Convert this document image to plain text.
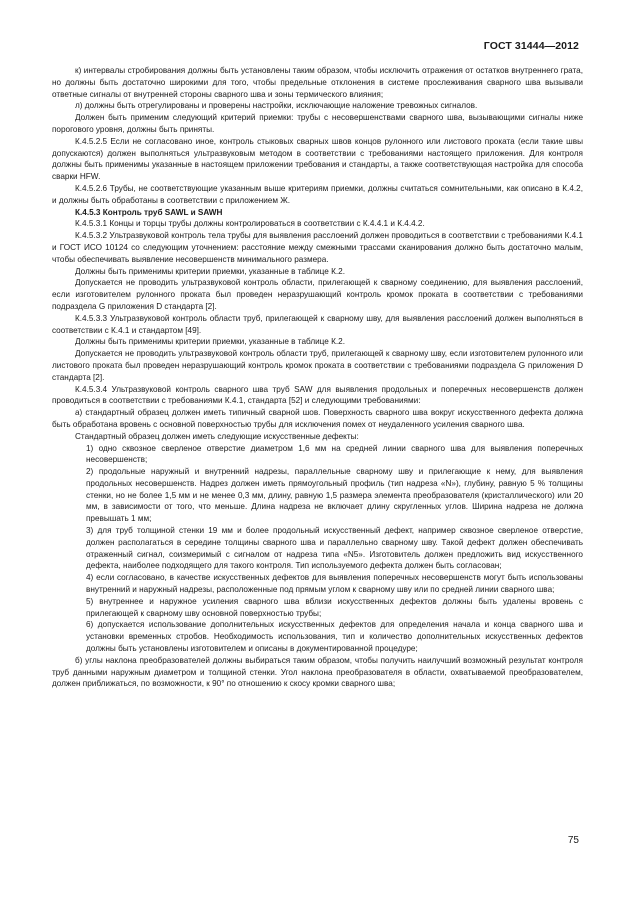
ГОСТ 31444—2012

к) интервалы стробирования должны быть установлены таким образом, чтобы исключить отражения от остатков внутреннего грата, но должны быть достаточно широкими для того, чтобы предельные отклонения в системе прослеживания сварного шва вызывали ответные сигналы от внутренней стороны сварного шва и зоны термического влияния;

л) должны быть отрегулированы и проверены настройки, исключающие наложение тревожных сигналов.

Должен быть применим следующий критерий приемки: трубы с несовершенствами сварного шва, вызывающими сигналы ниже порогового уровня, должны быть приняты.

К.4.5.2.5 Если не согласовано иное, контроль стыковых сварных швов концов рулонного или листового проката (если такие швы допускаются) должен выполняться ультразвуковым методом в соответствии с требованиями настоящего приложения. Для контроля должны быть применимы указанные в настоящем приложении требования и стандарты, а также соответствующая настройка для способа сварки HFW.

К.4.5.2.6 Трубы, не соответствующие указанным выше критериям приемки, должны считаться сомнительными, как описано в К.4.2, и должны быть обработаны в соответствии с приложением Ж.

К.4.5.3 Контроль труб SAWL и SAWH

К.4.5.3.1 Концы и торцы трубы должны контролироваться в соответствии с К.4.4.1 и К.4.4.2.

К.4.5.3.2 Ультразвуковой контроль тела трубы для выявления расслоений должен проводиться в соответствии с требованиями К.4.1 и ГОСТ ИСО 10124 со следующим уточнением: расстояние между смежными трассами сканирования должно быть достаточно малым, чтобы обеспечивать выявление несовершенств минимального размера.

Должны быть применимы критерии приемки, указанные в таблице К.2.

Допускается не проводить ультразвуковой контроль области, прилегающей к сварному соединению, для выявления расслоений, если изготовителем рулонного проката был проведен неразрушающий контроль кромок проката в соответствии с требованиями подраздела G приложения D стандарта [2].

К.4.5.3.3 Ультразвуковой контроль области труб, прилегающей к сварному шву, для выявления расслоений должен выполняться в соответствии с К.4.1 и стандартом [49].

Должны быть применимы критерии приемки, указанные в таблице К.2.

Допускается не проводить ультразвуковой контроль области труб, прилегающей к сварному шву, если изготовителем рулонного или листового проката был проведен неразрушающий контроль кромок проката в соответствии с требованиями подраздела G приложения D стандарта [2].

К.4.5.3.4 Ультразвуковой контроль сварного шва труб SAW для выявления продольных и поперечных несовершенств должен проводиться в соответствии с требованиями К.4.1, стандарта [52] и следующими требованиями:

а) стандартный образец должен иметь типичный сварной шов. Поверхность сварного шва вокруг искусственного дефекта должна быть обработана вровень с основной поверхностью трубы для исключения помех от неудаленного усиления сварного шва.

Стандартный образец должен иметь следующие искусственные дефекты:

1) одно сквозное сверленое отверстие диаметром 1,6 мм на средней линии сварного шва для выявления поперечных несовершенств;

2) продольные наружный и внутренний надрезы, параллельные сварному шву и прилегающие к нему, для выявления продольных несовершенств. Надрез должен иметь прямоугольный профиль (тип надреза «N»), глубину, равную 5 % толщины стенки, но не более 1,5 мм и не менее 0,3 мм, длину, равную 1,5 размера элемента преобразователя (кристаллического) или 20 мм, в зависимости от того, что меньше. Длина надреза не включает длину скругленных углов. Ширина надреза не должна превышать 1 мм;

3) для труб толщиной стенки 19 мм и более продольный искусственный дефект, например сквозное сверленое отверстие, должен располагаться в середине толщины сварного шва и параллельно сварному шву. Такой дефект должен обеспечивать отраженный сигнал, соизмеримый с сигналом от надреза типа «N5». Изготовитель должен предложить вид искусственного дефекта, наиболее подходящего для такого контроля. Тип используемого дефекта должен быть согласован;

4) если согласовано, в качестве искусственных дефектов для выявления поперечных несовершенств могут быть использованы внутренний и наружный надрезы, расположенные под прямым углом к сварному шву или по средней линии сварного шва;

5) внутреннее и наружное усиления сварного шва вблизи искусственных дефектов должны быть удалены вровень с прилегающей к сварному шву основной поверхностью трубы;

6) допускается использование дополнительных искусственных дефектов для определения начала и конца сварного шва и установки временных стробов. Необходимость использования, тип и количество дополнительных искусственных дефектов должны быть установлены изготовителем и описаны в документированной процедуре;

б) углы наклона преобразователей должны выбираться таким образом, чтобы получить наилучший возможный результат контроля труб данными наружным диаметром и толщиной стенки. Угол наклона преобразователя в области, охватываемой преобразователем, должен приближаться, по возможности, к 90° по отношению к скосу кромки сварного шва;

75
